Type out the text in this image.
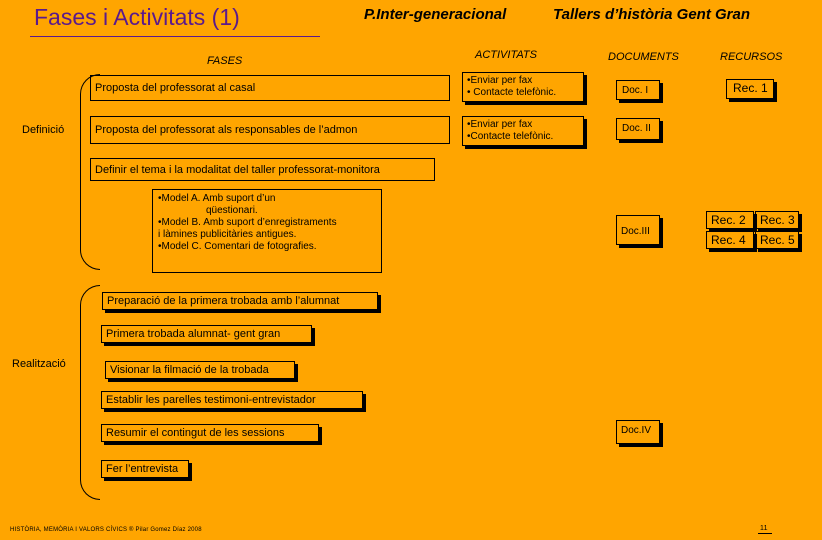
Fases i Activitats (1)	P.Inter-generacional	Tallers d’història Gent Gran
FASES	ACTIVITATS	DOCUMENTS	RECURSOS
Definició
Realització
Proposta del professorat al casal
Proposta del professorat als responsables de l’admon
Definir el tema i la modalitat del taller professorat-monitora
•Model A. Amb suport d’un
qüestionari.
•Model B. Amb suport d’enregistraments
i làmines publicitàries antigues.
•Model C. Comentari de fotografies.
Preparació de la primera trobada amb l’alumnat
Primera trobada alumnat- gent gran
Visionar la filmació de la trobada
Establir les parelles testimoni-entrevistador
Resumir el contingut de les sessions
Fer l’entrevista
•Enviar per fax
• Contacte telefònic.
•Enviar per fax
•Contacte telefònic.
Doc. I
Doc. II
Doc.III
Doc.IV
Rec. 1
Rec. 2	Rec. 3
Rec. 4	Rec. 5
HISTÒRIA, MEMÒRIA I VALORS CÍVICS ® Pilar Gomez Díaz 2008	11
